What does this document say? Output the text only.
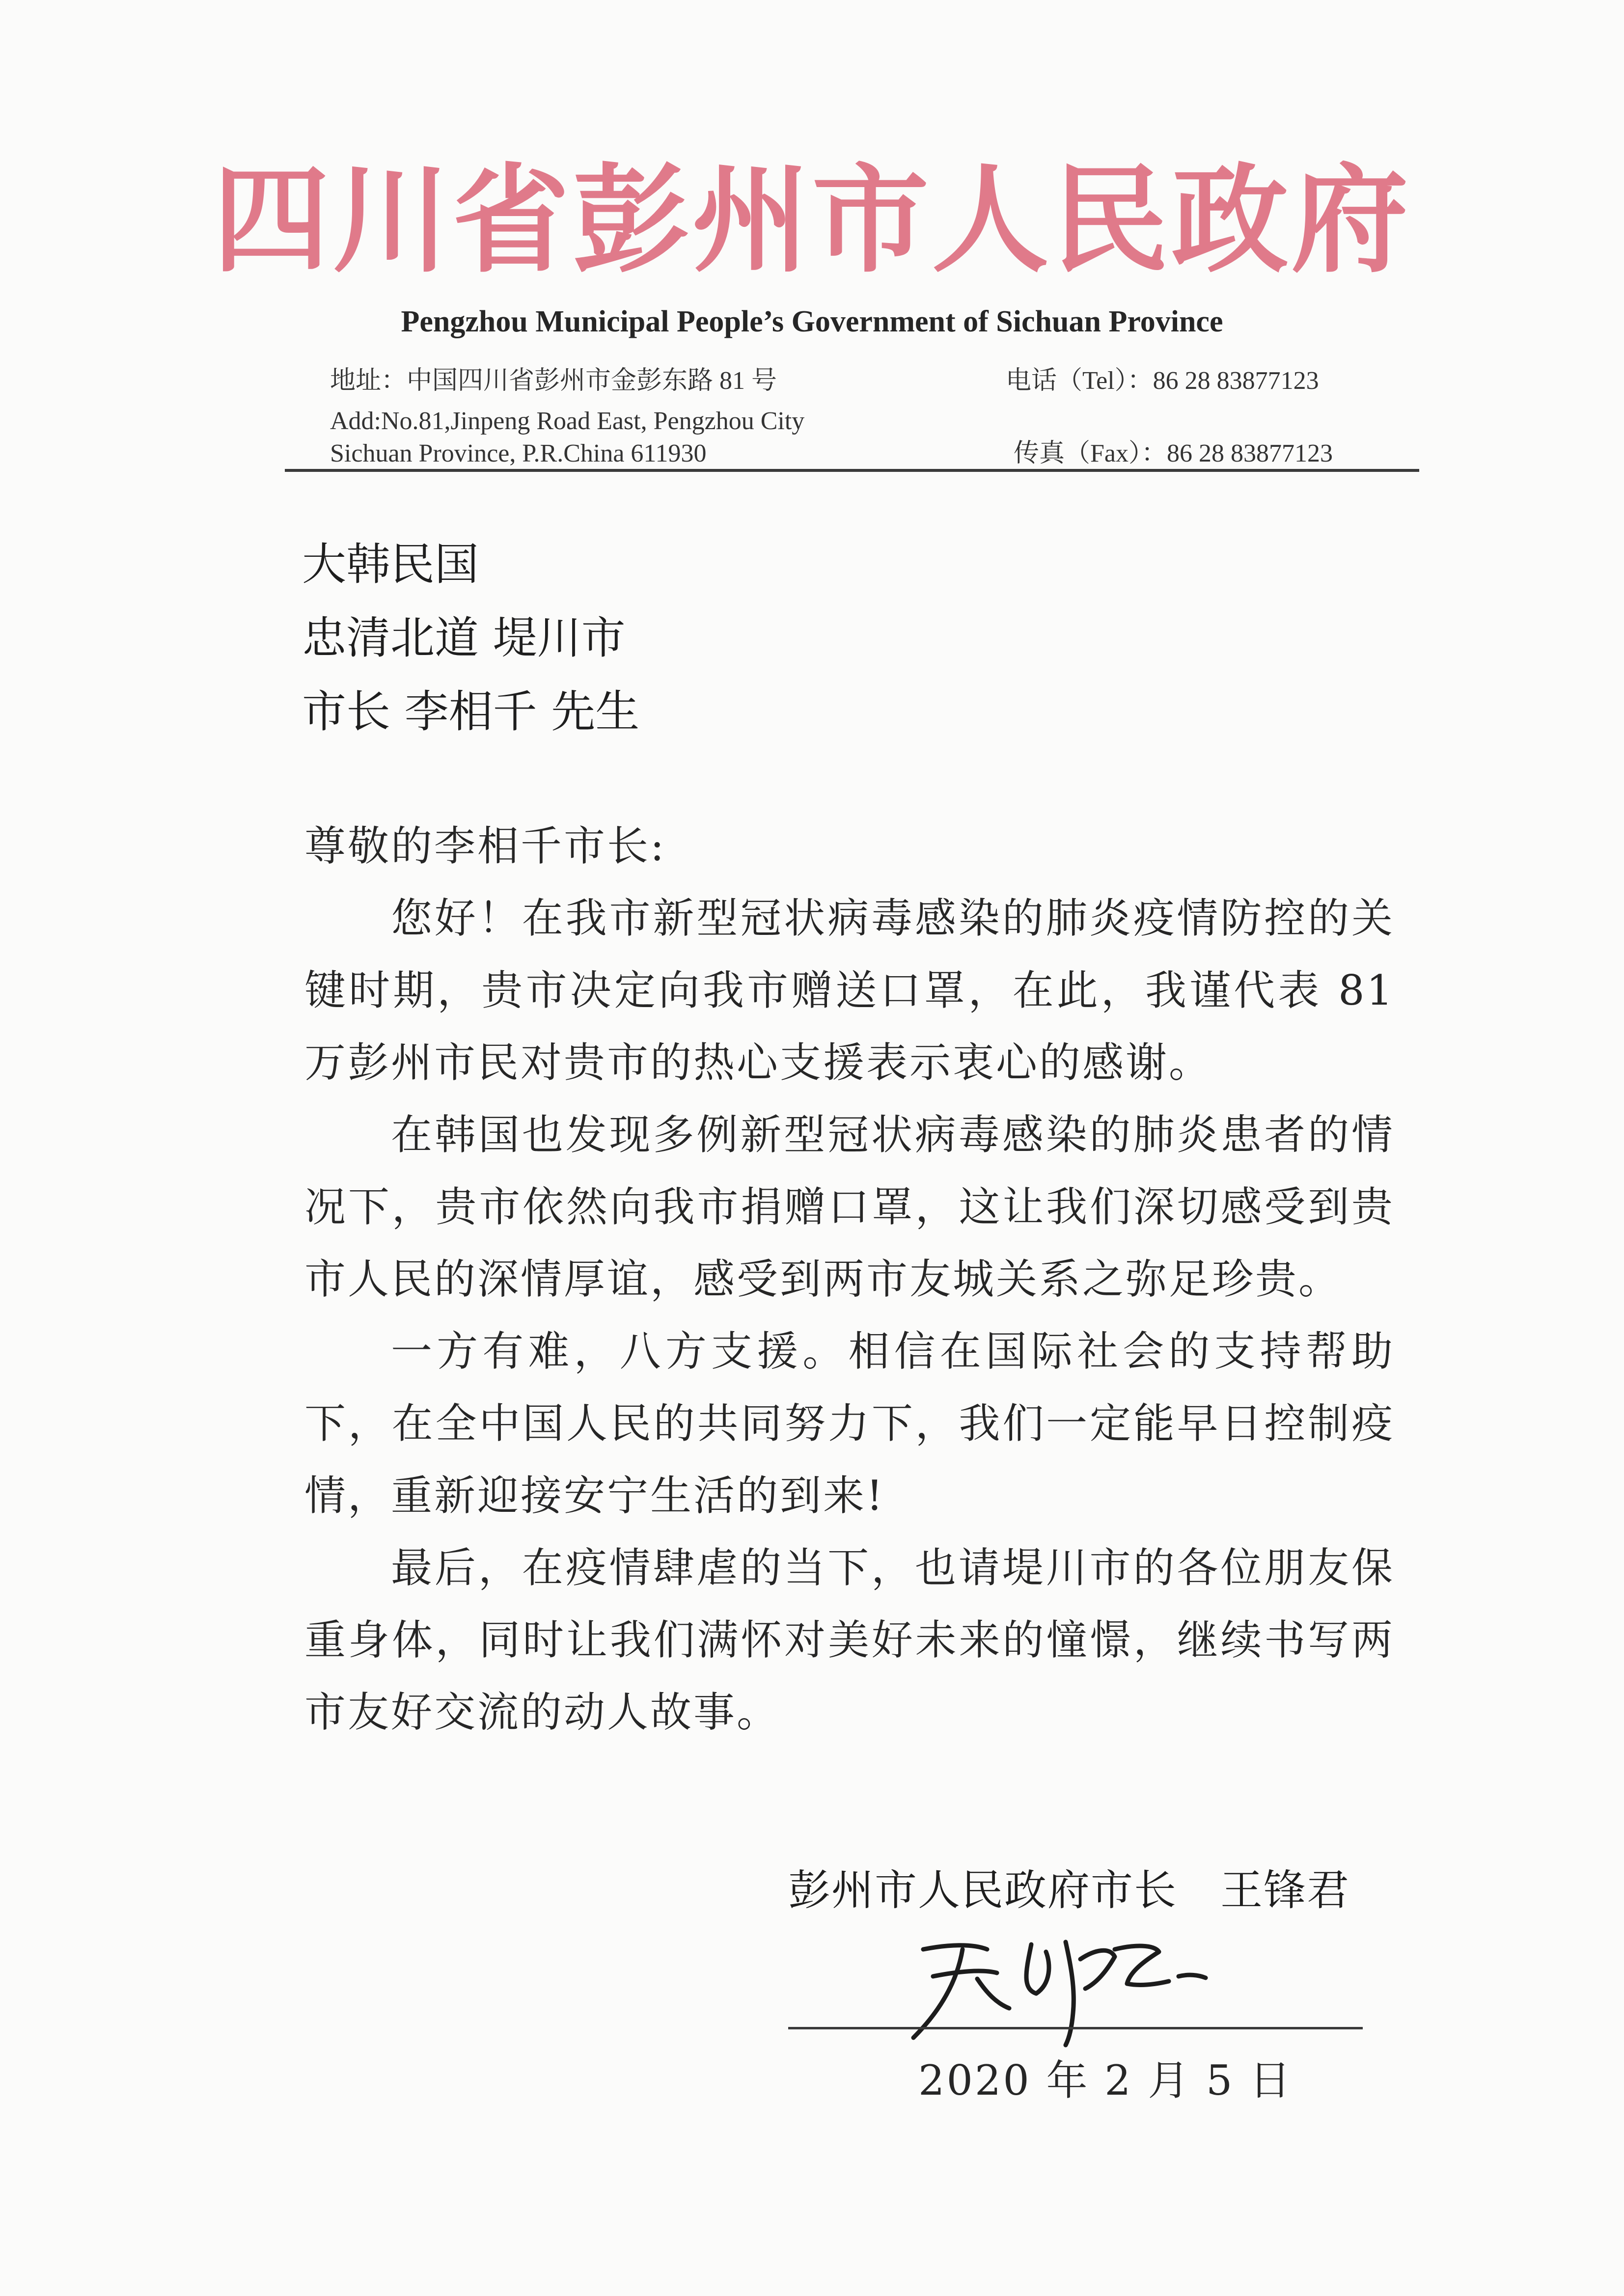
四川省彭州市人民政府
Pengzhou Municipal People’s Government of Sichuan Province
地址：中国四川省彭州市金彭东路 81 号	电话（Tel）：86 28 83877123
Add:No.81,Jinpeng Road East, Pengzhou City
Sichuan Province, P.R.China 611930	传真（Fax）：86 28 83877123
大韩民国
忠清北道 堤川市
市长 李相千 先生

尊敬的李相千市长:

您好！在我市新型冠状病毒感染的肺炎疫情防控的关键时期，贵市决定向我市赠送口罩，在此，我谨代表 81 万彭州市民对贵市的热心支援表示衷心的感谢。

在韩国也发现多例新型冠状病毒感染的肺炎患者的情况下，贵市依然向我市捐赠口罩，这让我们深切感受到贵市人民的深情厚谊，感受到两市友城关系之弥足珍贵。

一方有难，八方支援。相信在国际社会的支持帮助下，在全中国人民的共同努力下，我们一定能早日控制疫情，重新迎接安宁生活的到来!

最后，在疫情肆虐的当下，也请堤川市的各位朋友保重身体，同时让我们满怀对美好未来的憧憬，继续书写两市友好交流的动人故事。

彭州市人民政府市长　王锋君
2020 年 2 月 5 日
